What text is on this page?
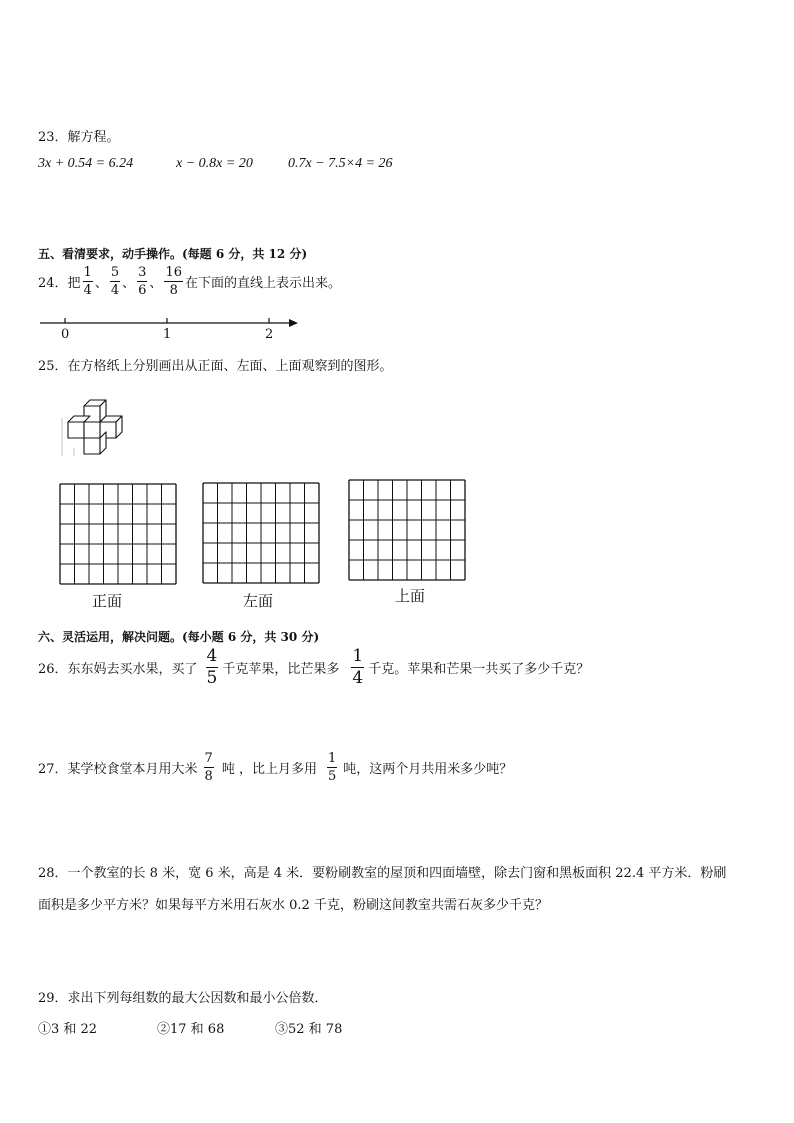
23．解方程。
3x + 0.54 = 6.24	x − 0.8x = 20	0.7x − 7.5×4 = 26
五、看清要求，动手操作。(每题 6 分，共 12 分)
24．把 $\frac{1}{4}$ 、 $\frac{5}{4}$ 、 $\frac{3}{6}$ 、 $\frac{16}{8}$ 在下面的直线上表示出来。
0	1	2
25．在方格纸上分别画出从正面、左面、上面观察到的图形。
正面	左面	上面
六、灵活运用，解决问题。(每小题 6 分，共 30 分)
26．东东妈去买水果，买了 $\frac{4}{5}$ 千克苹果，比芒果多 $\frac{1}{4}$ 千克。苹果和芒果一共买了多少千克？
27．某学校食堂本月用大米 $\frac{7}{8}$ 吨 ，比上月多用 $\frac{1}{5}$ 吨，这两个月共用米多少吨？
28．一个教室的长 8 米，宽 6 米，高是 4 米．要粉刷教室的屋顶和四面墙壁，除去门窗和黑板面积 22.4 平方米．粉刷
面积是多少平方米？如果每平方米用石灰水 0.2 千克，粉刷这间教室共需石灰多少千克？
29．求出下列每组数的最大公因数和最小公倍数．
①3 和 22	②17 和 68	③52 和 78
